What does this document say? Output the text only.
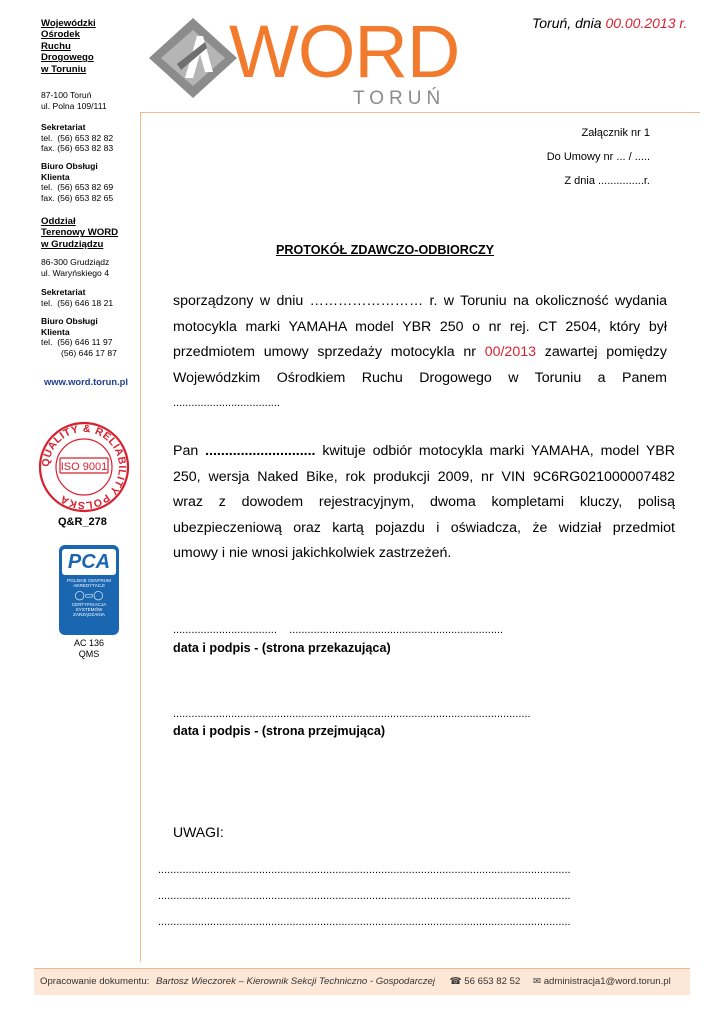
Wojewódzki
Ośrodek
Ruchu
Drogowego
w Toruniu
87-100 Toruń
ul. Polna 109/111
Sekretariat
tel.  (56) 653 82 82
fax. (56) 653 82 83
Biuro Obsługi
Klienta
tel.  (56) 653 82 69
fax. (56) 653 82 65
Oddział
Terenowy WORD
w Grudziądzu
86-300 Grudziądz
ul. Waryńskiego 4
Sekretariat
tel.  (56) 646 18 21
Biuro Obsługi
Klienta
tel.  (56) 646 11 97
(56) 646 17 87
www.word.torun.pl
QUALITY & RELIABILITY POLSKA
ISO 9001
Q&R_278
PCA
POLSKIE CENTRUM
AKREDYTACJI
◯▭◯
CERTYFIKACJA
SYSTEMÓW
ZARZĄDZANIA
AC 136
QMS
WORD
TORUŃ
Toruń, dnia 00.00.2013 r.
Załącznik nr 1
Do Umowy nr ... / .....
Z dnia ...............r.
PROTOKÓŁ ZDAWCZO-ODBIORCZY
sporządzony w dniu …………………… r. w Toruniu na okoliczność wydania
motocykla marki YAMAHA model YBR 250 o nr rej. CT 2504, który był
przedmiotem umowy sprzedaży motocykla nr 00/2013 zawartej pomiędzy
Wojewódzkim Ośrodkiem Ruchu Drogowego w Toruniu a Panem
...................................
Pan ............................ kwituje odbiór motocykla marki YAMAHA, model YBR
250, wersja Naked Bike, rok produkcji 2009, nr VIN 9C6RG021000007482
wraz z dowodem rejestracyjnym, dwoma kompletami kluczy, polisą
ubezpieczeniową oraz kartą pojazdu i oświadcza, że widział przedmiot
umowy i nie wnosi jakichkolwiek zastrzeżeń.
..................................    ......................................................................
data i podpis - (strona przekazująca)
.....................................................................................................................
data i podpis - (strona przejmująca)
UWAGI:
.......................................................................................................................................
.......................................................................................................................................
.......................................................................................................................................
Opracowanie dokumentu: Bartosz Wieczorek – Kierownik Sekcji Techniczno - Gospodarczej ☎ 56 653 82 52 ✉ administracja1@word.torun.pl
